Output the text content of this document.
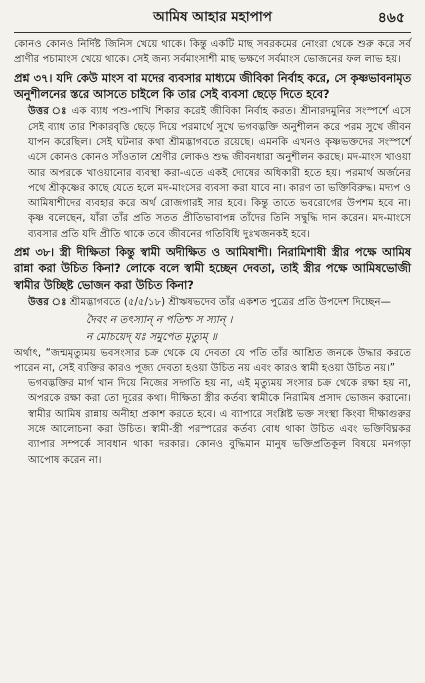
আমিষ আহার মহাপাপ	৪৬৫

কোনও কোনও নির্দিষ্ট জিনিস খেয়ে থাকে। কিন্তু একটি মাছ সবরকমের নোংরা থেকে শুরু করে সর্ব প্রাণীর পচামাংস খেয়ে থাকে। সেই জন্য সর্বমাংসাশী মাছ ভক্ষণে সর্বমাংস ভোজনের ফল লাভ হয়।

প্রশ্ন ৩৭। যদি কেউ মাংস বা মদের ব্যবসার মাধ্যমে জীবিকা নির্বাহ করে, সে কৃষ্ণভাবনামৃত অনুশীলনের স্তরে আসতে চাইলে কি তার সেই ব্যবসা ছেড়ে দিতে হবে?

উত্তর ঃ এক ব্যাধ পশু-পাখি শিকার করেই জীবিকা নির্বাহ করত। শ্রীনারদমুনির সংস্পর্শে এসে সেই ব্যাধ তার শিকারবৃত্তি ছেড়ে দিয়ে পরমার্থে সুখে ভগবদ্ভক্তি অনুশীলন করে পরম সুখে জীবন যাপন করেছিল। সেই ঘটনার কথা শ্রীমদ্ভাগবতে রয়েছে। এমনকি এখনও কৃষ্ণভক্তদের সংস্পর্শে এসে কোনও কোনও সাঁওতাল শ্রেণীর লোকও শুদ্ধ জীবনধারা অনুশীলন করছে। মদ-মাংস খাওয়া আর অপরকে খাওয়ানোর ব্যবস্থা করা-এতে একই দোষের অধিকারী হতে হয়। পরমার্থ অর্জনের পথে শ্রীকৃষ্ণের কাছে যেতে হলে মদ-মাংসের ব্যবসা করা যাবে না। কারণ তা ভক্তিবিরুদ্ধ। মদ্যপ ও আমিষাশীদের ব্যবহার করে অর্থ রোজগারই সার হবে। কিন্তু তাতে ভবরোগের উপশম হবে না। কৃষ্ণ বলেছেন, যাঁরা তাঁর প্রতি সতত প্রীতিভাবাপন্ন তাঁদের তিনি সদ্বুদ্ধি দান করেন। মদ-মাংসে ব্যবসার প্রতি যদি প্রীতি থাকে তবে জীবনের গতিবিধি দুঃখজনকই হবে।

প্রশ্ন ৩৮। স্ত্রী দীক্ষিতা কিন্তু স্বামী অদীক্ষিত ও আমিষাশী। নিরামিশাষী স্ত্রীর পক্ষে আমিষ রান্না করা উচিত কিনা? লোকে বলে স্বামী হচ্ছেন দেবতা, তাই স্ত্রীর পক্ষে আমিষভোজী স্বামীর উচ্ছিষ্ট ভোজন করা উচিত কিনা?

উত্তর ঃ শ্রীমদ্ভাগবতে (৫/৫/১৮) শ্রীঋষভদেব তাঁর একশত পুত্রের প্রতি উপদেশ দিচ্ছেন—

দৈবং ন তৎস্যান্ ন পতিশ্চ স স্যান্ ।

ন মোচয়েদ্ যঃ সমুপেত মৃত্যুম্ ॥

অর্থাৎ, “জন্মমৃত্যুময় ভবসংসার চক্র থেকে যে দেবতা যে পতি তাঁর আশ্রিত জনকে উদ্ধার করতে পারেন না, সেই ব্যক্তির কারও পূজ্য দেবতা হওয়া উচিত নয় এবং কারও স্বামী হওয়া উচিত নয়।”

ভগবদ্ভক্তির মার্গ খান দিয়ে নিজের সদ্গতি হয় না, এই মৃত্যুময় সংসার চক্র থেকে রক্ষা হয় না, অপরকে রক্ষা করা তো দূরের কথা। দীক্ষিতা স্ত্রীর কর্তব্য স্বামীকে নিরামিষ প্রসাদ ভোজন করানো। স্বামীর আমিষ রান্নায় অনীহা প্রকাশ করতে হবে। এ ব্যাপারে সংশ্লিষ্ট ভক্ত সংস্থা কিংবা দীক্ষাগুরুর সঙ্গে আলোচনা করা উচিত। স্বামী-স্ত্রী পরস্পরের কর্তব্য বোধ থাকা উচিত এবং ভক্তিবিঘ্নকর ব্যাপার সম্পর্কে সাবধান থাকা দরকার। কোনও বুদ্ধিমান মানুষ ভক্তিপ্রতিকূল বিষয়ে মনগড়া আপোষ করেন না।
